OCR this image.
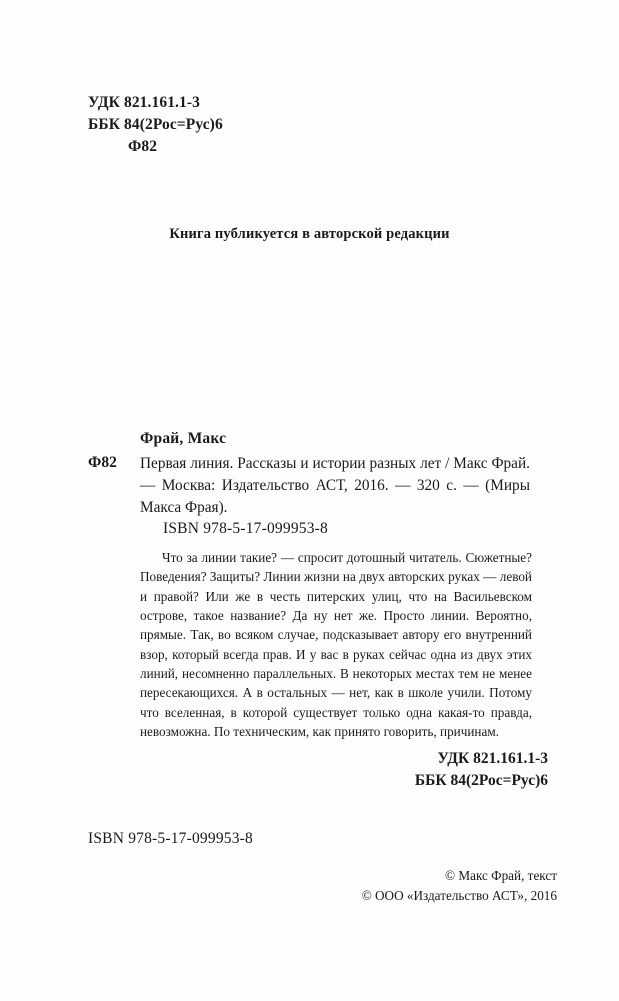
УДК 821.161.1-3
ББК 84(2Рос=Рус)6
Ф82
Книга публикуется в авторской редакции
Фрай, Макс
Ф82 Первая линия. Рассказы и истории разных лет / Макс Фрай. — Москва: Издательство АСТ, 2016. — 320 с. — (Миры Макса Фрая).
ISBN 978-5-17-099953-8
Что за линии такие? — спросит дотошный читатель. Сюжетные? Поведения? Защиты? Линии жизни на двух авторских руках — левой и правой? Или же в честь питерских улиц, что на Васильевском острове, такое название? Да ну нет же. Просто линии. Вероятно, прямые. Так, во всяком случае, подсказывает автору его внутренний взор, который всегда прав. И у вас в руках сейчас одна из двух этих линий, несомненно параллельных. В некоторых местах тем не менее пересекающихся. А в остальных — нет, как в школе учили. Потому что вселенная, в которой существует только одна какая-то правда, невозможна. По техническим, как принято говорить, причинам.
УДК 821.161.1-3
ББК 84(2Рос=Рус)6
ISBN 978-5-17-099953-8
© Макс Фрай, текст
© ООО «Издательство АСТ», 2016
